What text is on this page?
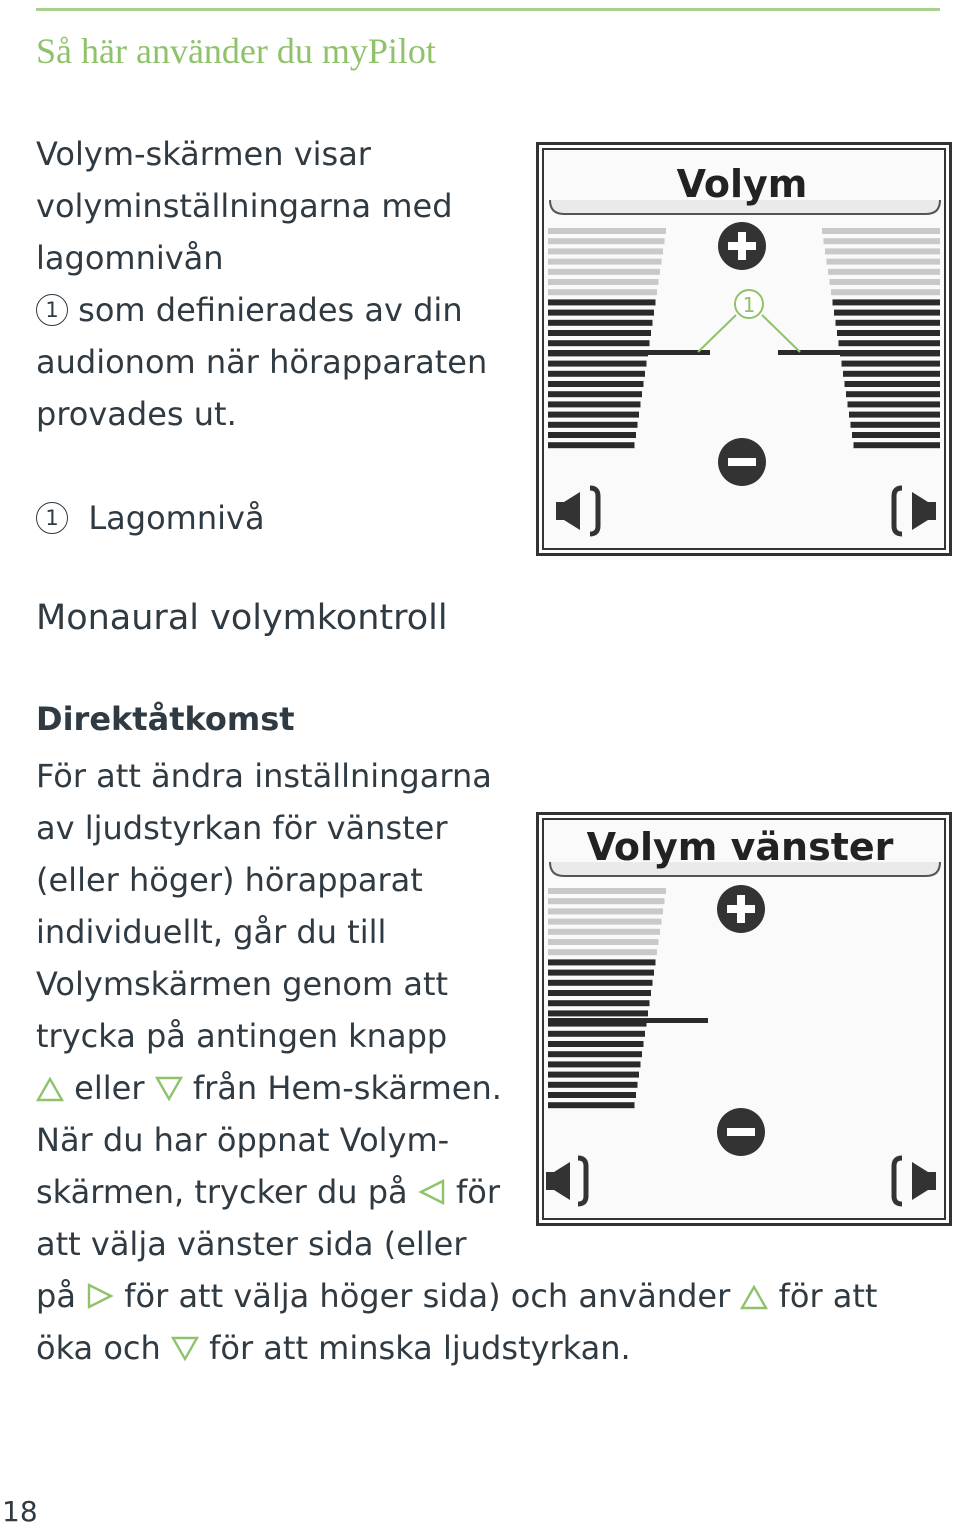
Så här använder du myPilot
Volym-skärmen visar
volyminställningarna med
lagomnivån
1 som definierades av din
audionom när hörapparaten
provades ut.
1 Lagomnivå
Monaural volymkontroll
Direktåtkomst
För att ändra inställningarna
av ljudstyrkan för vänster
(eller höger) hörapparat
individuellt, går du till
Volymskärmen genom att
trycka på antingen knapp
eller från Hem-skärmen.
När du har öppnat Volym-
skärmen, trycker du på för
att välja vänster sida (eller
på för att välja höger sida) och använder för att
öka och för att minska ljudstyrkan.
Volym
1
Volym vänster
18
